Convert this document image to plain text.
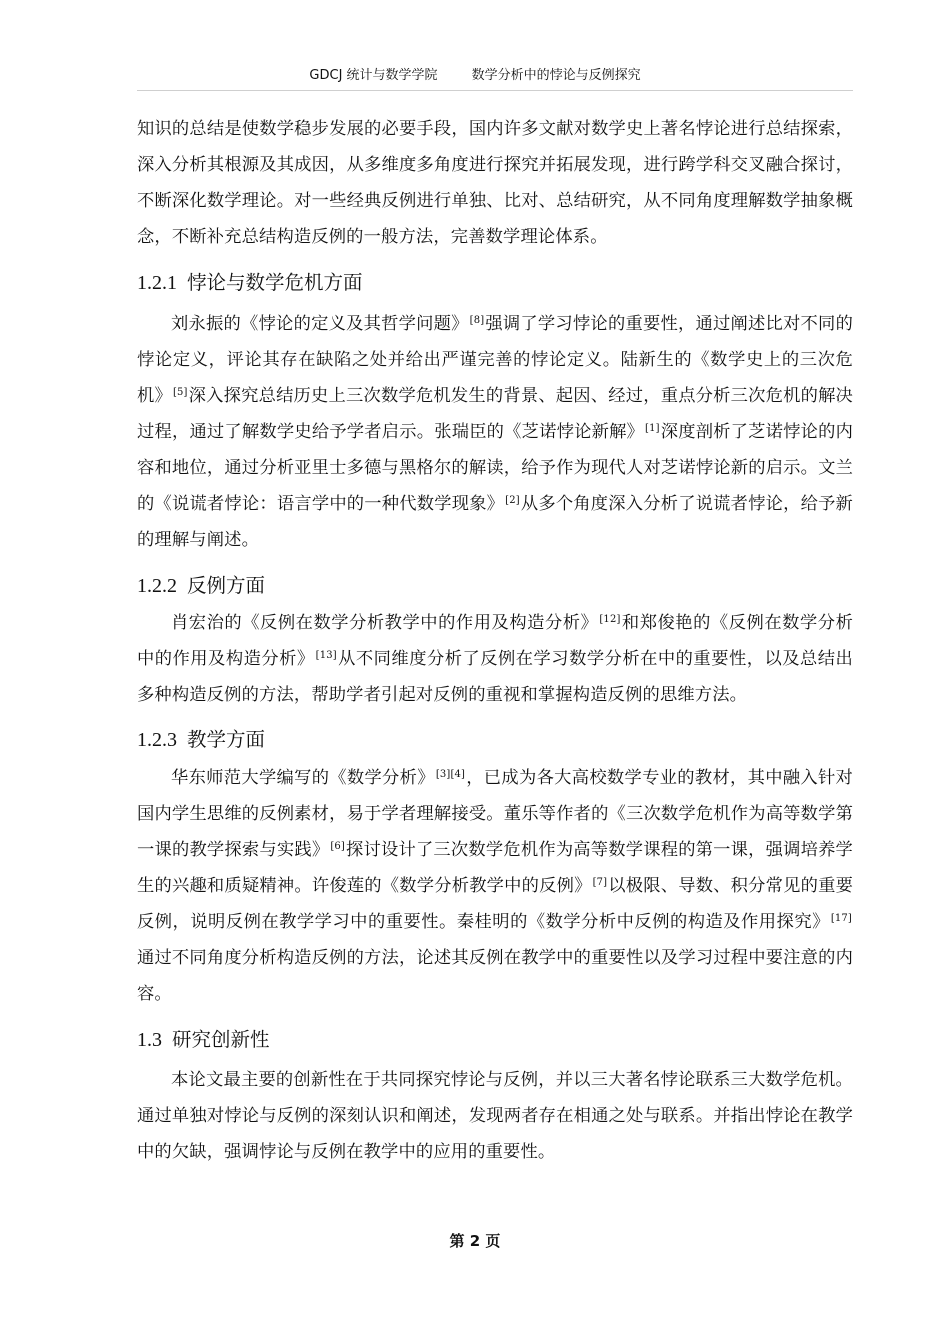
GDCJ 统计与数学学院	数学分析中的悖论与反例探究

知识的总结是使数学稳步发展的必要手段，国内许多文献对数学史上著名悖论进行总结探索，深入分析其根源及其成因，从多维度多角度进行探究并拓展发现，进行跨学科交叉融合探讨，不断深化数学理论。对一些经典反例进行单独、比对、总结研究，从不同角度理解数学抽象概念，不断补充总结构造反例的一般方法，完善数学理论体系。

1.2.1 悖论与数学危机方面

刘永振的《悖论的定义及其哲学问题》[8]强调了学习悖论的重要性，通过阐述比对不同的悖论定义，评论其存在缺陷之处并给出严谨完善的悖论定义。陆新生的《数学史上的三次危机》[5]深入探究总结历史上三次数学危机发生的背景、起因、经过，重点分析三次危机的解决过程，通过了解数学史给予学者启示。张瑞臣的《芝诺悖论新解》[1]深度剖析了芝诺悖论的内容和地位，通过分析亚里士多德与黑格尔的解读，给予作为现代人对芝诺悖论新的启示。文兰的《说谎者悖论：语言学中的一种代数学现象》[2]从多个角度深入分析了说谎者悖论，给予新的理解与阐述。

1.2.2 反例方面

肖宏治的《反例在数学分析教学中的作用及构造分析》[12]和郑俊艳的《反例在数学分析中的作用及构造分析》[13]从不同维度分析了反例在学习数学分析在中的重要性，以及总结出多种构造反例的方法，帮助学者引起对反例的重视和掌握构造反例的思维方法。

1.2.3 教学方面

华东师范大学编写的《数学分析》[3][4]，已成为各大高校数学专业的教材，其中融入针对国内学生思维的反例素材，易于学者理解接受。董乐等作者的《三次数学危机作为高等数学第一课的教学探索与实践》[6]探讨设计了三次数学危机作为高等数学课程的第一课，强调培养学生的兴趣和质疑精神。许俊莲的《数学分析教学中的反例》[7]以极限、导数、积分常见的重要反例，说明反例在教学学习中的重要性。秦桂明的《数学分析中反例的构造及作用探究》[17]通过不同角度分析构造反例的方法，论述其反例在教学中的重要性以及学习过程中要注意的内容。

1.3 研究创新性

本论文最主要的创新性在于共同探究悖论与反例，并以三大著名悖论联系三大数学危机。通过单独对悖论与反例的深刻认识和阐述，发现两者存在相通之处与联系。并指出悖论在教学中的欠缺，强调悖论与反例在教学中的应用的重要性。

第 2 页
